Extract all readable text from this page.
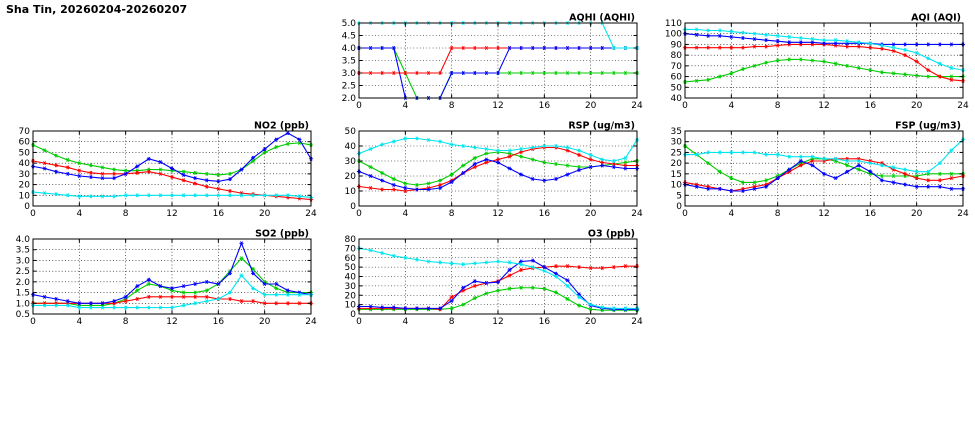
Sha Tin, 20260204-20260207
0	4	8	12	16	20	24
2.0
2.5
3.0
3.5
4.0
4.5
5.0
AQHI (AQHI)
0	4	8	12	16	20	24
40
50
60
70
80
90
100
110
AQI (AQI)
0	4	8	12	16	20	24
0
10
20
30
40
50
60
70
NO2 (ppb)
0	4	8	12	16	20	24
0
10
20
30
40
50
RSP (ug/m3)
0	4	8	12	16	20	24
0
5
10
15
20
25
30
35
FSP (ug/m3)
0	4	8	12	16	20	24
0.5
1.0
1.5
2.0
2.5
3.0
3.5
4.0
SO2 (ppb)
0	4	8	12	16	20	24
0
10
20
30
40
50
60
70
80
O3 (ppb)
